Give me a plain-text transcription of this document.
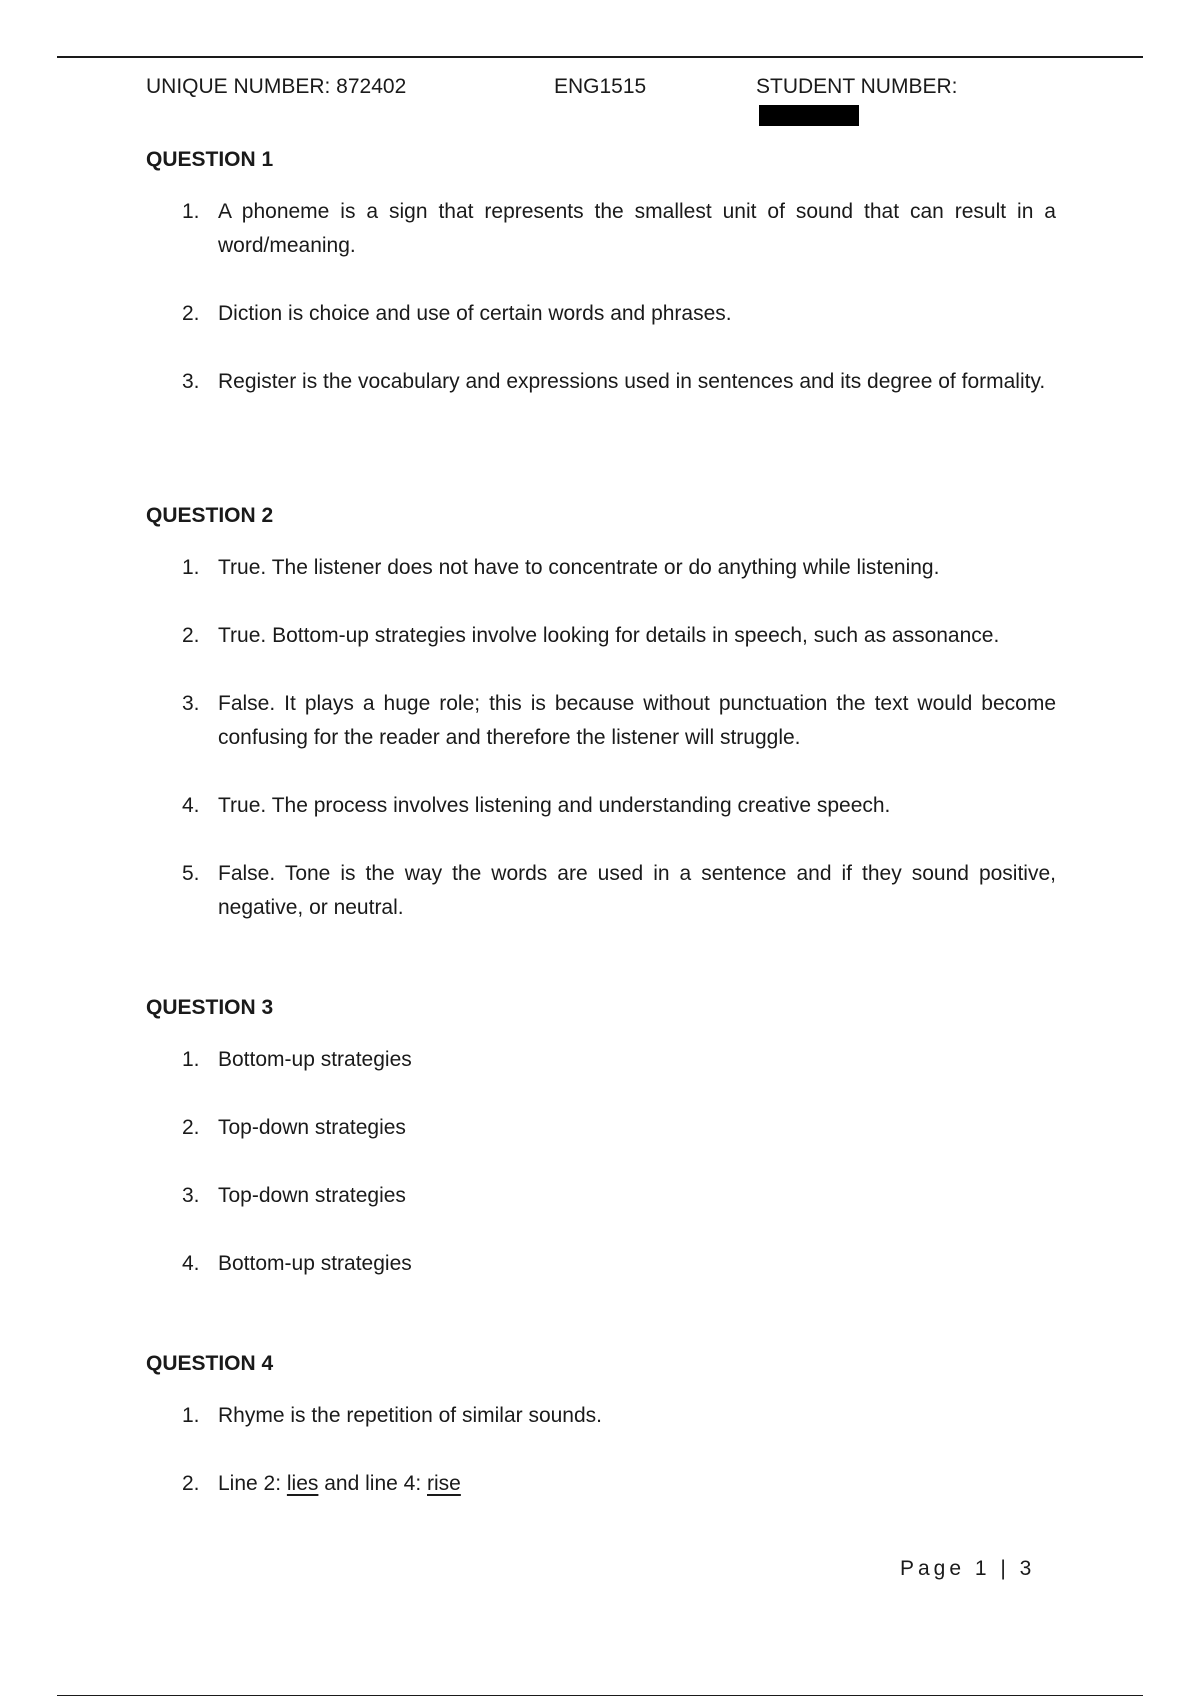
UNIQUE NUMBER: 872402	ENG1515	STUDENT NUMBER:
QUESTION 1
1. A phoneme is a sign that represents the smallest unit of sound that can result in a word/meaning.
2. Diction is choice and use of certain words and phrases.
3. Register is the vocabulary and expressions used in sentences and its degree of formality.
QUESTION 2
1. True. The listener does not have to concentrate or do anything while listening.
2. True. Bottom-up strategies involve looking for details in speech, such as assonance.
3. False. It plays a huge role; this is because without punctuation the text would become confusing for the reader and therefore the listener will struggle.
4. True. The process involves listening and understanding creative speech.
5. False. Tone is the way the words are used in a sentence and if they sound positive, negative, or neutral.
QUESTION 3
1. Bottom-up strategies
2. Top-down strategies
3. Top-down strategies
4. Bottom-up strategies
QUESTION 4
1. Rhyme is the repetition of similar sounds.
2. Line 2: lies and line 4: rise
Page 1 | 3
